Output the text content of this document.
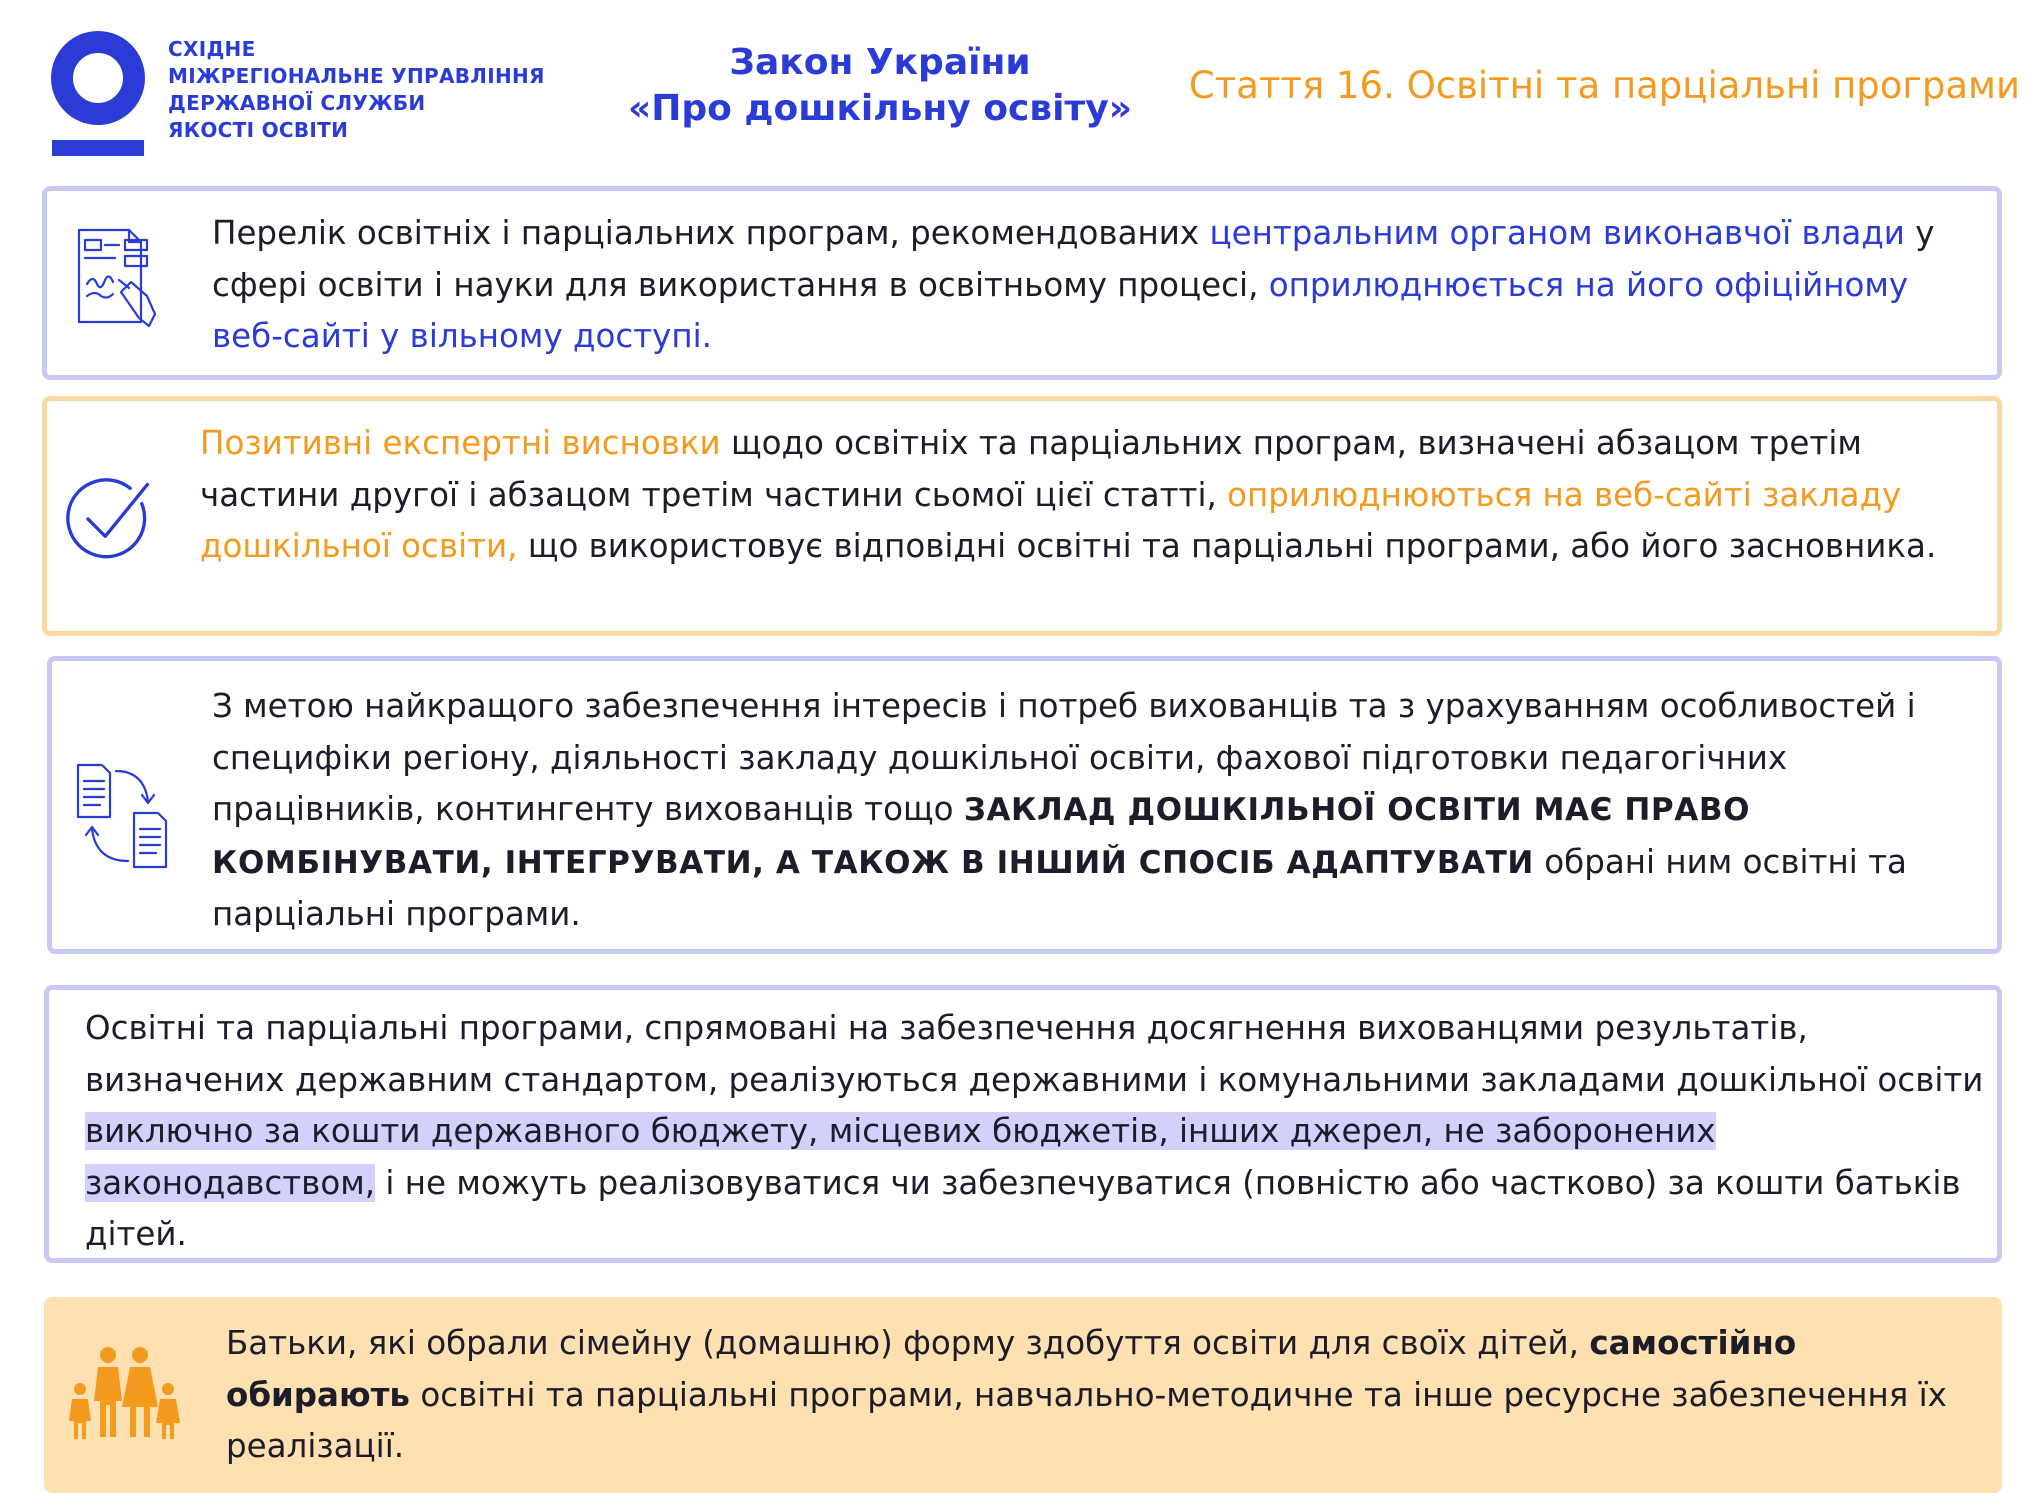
СХІДНЕ
МІЖРЕГІОНАЛЬНЕ УПРАВЛІННЯ
ДЕРЖАВНОЇ СЛУЖБИ
ЯКОСТІ ОСВІТИ
Закон України
«Про дошкільну освіту»
Стаття 16. Освітні та парціальні програми
Перелік освітніх і парціальних програм, рекомендованих центральним органом виконавчої влади у сфері освіти і науки для використання в освітньому процесі, оприлюднюється на його офіційному веб-сайті у вільному доступі.
Позитивні експертні висновки щодо освітніх та парціальних програм, визначені абзацом третім частини другої і абзацом третім частини сьомої цієї статті, оприлюднюються на веб-сайті закладу дошкільної освіти, що використовує відповідні освітні та парціальні програми, або його засновника.
З метою найкращого забезпечення інтересів і потреб вихованців та з урахуванням особливостей і специфіки регіону, діяльності закладу дошкільної освіти, фахової підготовки педагогічних працівників, контингенту вихованців тощо ЗАКЛАД ДОШКІЛЬНОЇ ОСВІТИ МАЄ ПРАВО КОМБІНУВАТИ, ІНТЕГРУВАТИ, А ТАКОЖ В ІНШИЙ СПОСІБ АДАПТУВАТИ обрані ним освітні та парціальні програми.
Освітні та парціальні програми, спрямовані на забезпечення досягнення вихованцями результатів, визначених державним стандартом, реалізуються державними і комунальними закладами дошкільної освіти виключно за кошти державного бюджету, місцевих бюджетів, інших джерел, не заборонених законодавством, і не можуть реалізовуватися чи забезпечуватися (повністю або частково) за кошти батьків дітей.
Батьки, які обрали сімейну (домашню) форму здобуття освіти для своїх дітей, самостійно обирають освітні та парціальні програми, навчально-методичне та інше ресурсне забезпечення їх реалізації.
